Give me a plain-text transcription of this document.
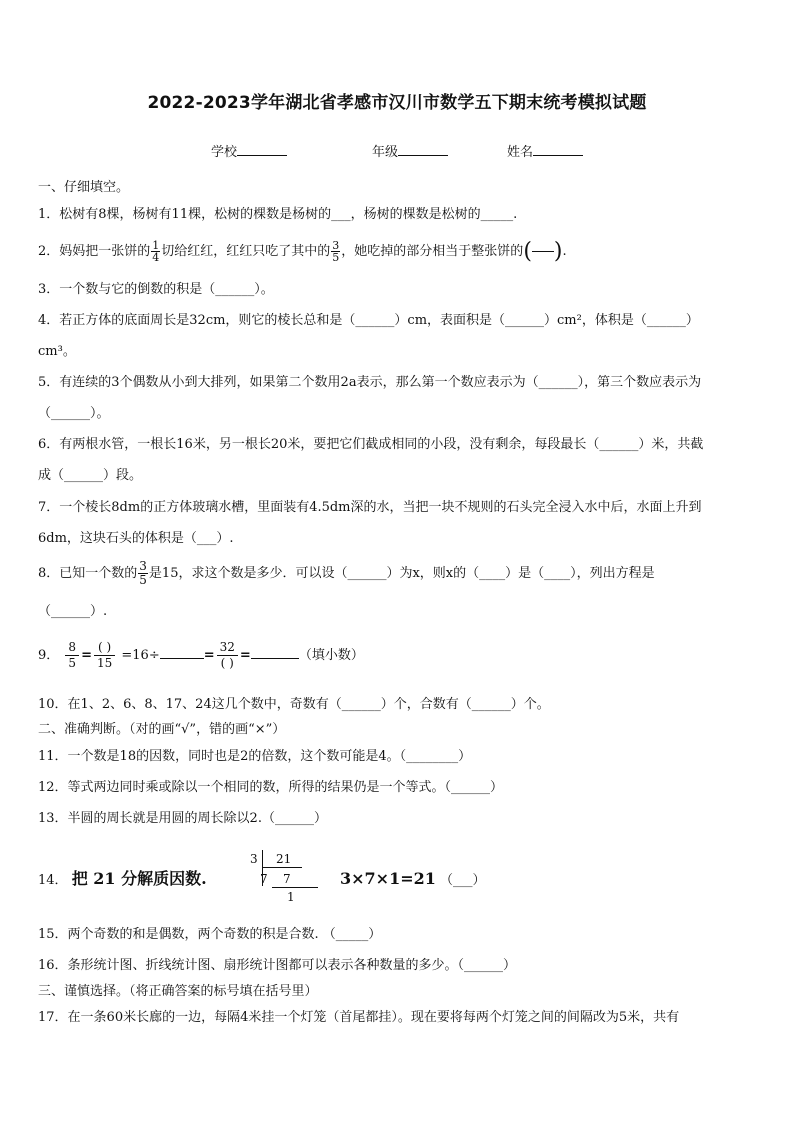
2022-2023学年湖北省孝感市汉川市数学五下期末统考模拟试题
学校	年级	姓名
一、仔细填空。
1．松树有8棵，杨树有11棵，松树的棵数是杨树的___，杨树的棵数是松树的_____.
2．妈妈把一张饼的 $\frac{1}{4}$ 切给红红，红红只吃了其中的 $\frac{3}{5}$ ，她吃掉的部分相当于整张饼的( ).
3．一个数与它的倒数的积是（______）。
4．若正方体的底面周长是32cm，则它的棱长总和是（______）cm，表面积是（______）cm²，体积是（______）
cm³。
5．有连续的3个偶数从小到大排列，如果第二个数用2a表示，那么第一个数应表示为（______），第三个数应表示为
（______）。
6．有两根水管，一根长16米，另一根长20米，要把它们截成相同的小段，没有剩余，每段最长（______）米，共截
成（______）段。
7．一个棱长8dm的正方体玻璃水槽，里面装有4.5dm深的水，当把一块不规则的石头完全浸入水中后，水面上升到
6dm，这块石头的体积是（___）.
8．已知一个数的 $\frac{3}{5}$ 是15，求这个数是多少．可以设（______）为x，则x的（____）是（____），列出方程是
（______）.
9． $\frac{8}{5} = \frac{( )}{15} =16\div$	= $\frac{32}{( )}$ =	（填小数）
10．在1、2、6、8、17、24这几个数中，奇数有（______）个，合数有（______）个。
二、准确判断。（对的画“√”，错的画“×”）
11．一个数是18的因数，同时也是2的倍数，这个数可能是4。（________）
12．等式两边同时乘或除以一个相同的数，所得的结果仍是一个等式。（______）
13．半圆的周长就是用圆的周长除以2.（______）
14． 把 21 分解质因数.
3 21
7 7
1
3×7×1=21 （___）
15．两个奇数的和是偶数，两个奇数的积是合数. （_____）
16．条形统计图、折线统计图、扇形统计图都可以表示各种数量的多少。（______）
三、谨慎选择。（将正确答案的标号填在括号里）
17．在一条60米长廊的一边，每隔4米挂一个灯笼（首尾都挂）。现在要将每两个灯笼之间的间隔改为5米，共有
